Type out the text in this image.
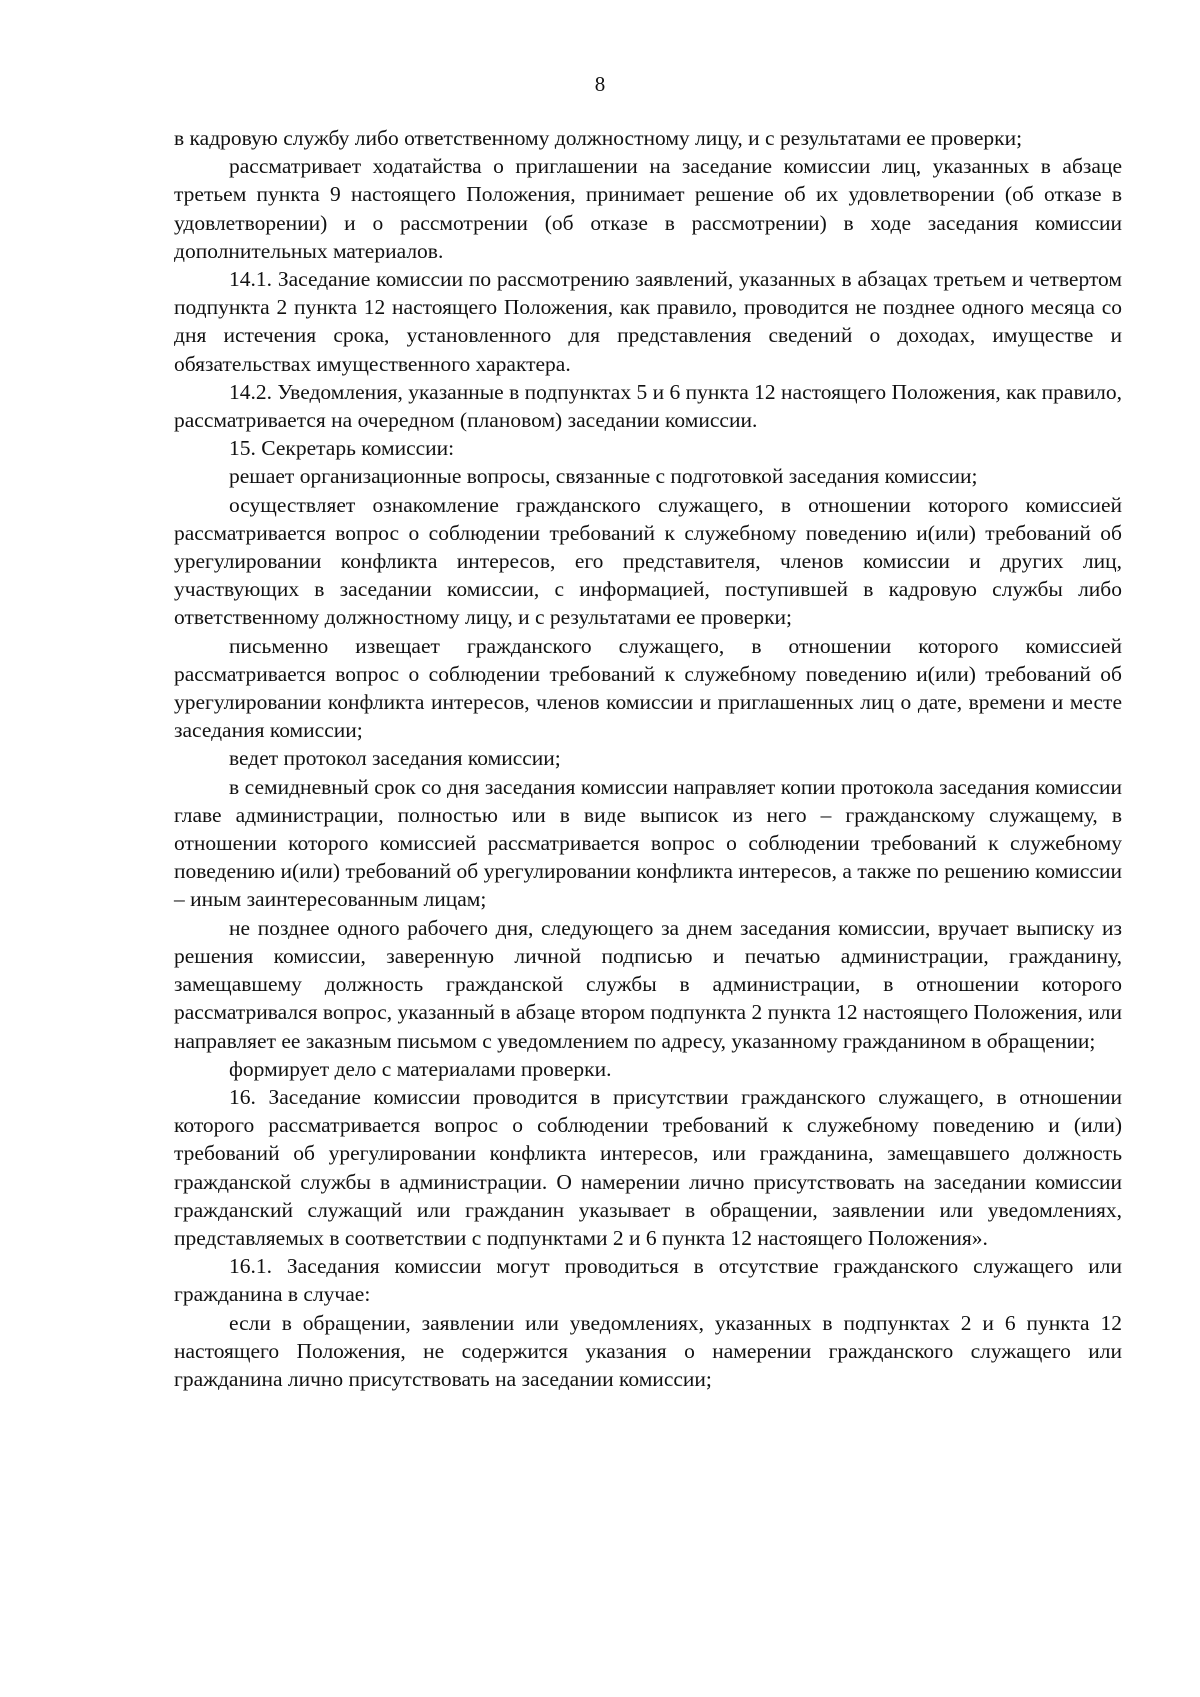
8

в кадровую службу либо ответственному должностному лицу, и с результатами ее проверки;

рассматривает ходатайства о приглашении на заседание комиссии лиц, указанных в абзаце третьем пункта 9 настоящего Положения, принимает решение об их удовлетворении (об отказе в удовлетворении) и о рассмотрении (об отказе в рассмотрении) в ходе заседания комиссии дополнительных материалов.

14.1. Заседание комиссии по рассмотрению заявлений, указанных в абзацах третьем и четвертом подпункта 2 пункта 12 настоящего Положения, как правило, проводится не позднее одного месяца со дня истечения срока, установленного для представления сведений о доходах, имуществе и обязательствах имущественного характера.

14.2. Уведомления, указанные в подпунктах 5 и 6 пункта 12 настоящего Положения, как правило, рассматривается на очередном (плановом) заседании комиссии.

15. Секретарь комиссии:

решает организационные вопросы, связанные с подготовкой заседания комиссии;

осуществляет ознакомление гражданского служащего, в отношении которого комиссией рассматривается вопрос о соблюдении требований к служебному поведению и(или) требований об урегулировании конфликта интересов, его представителя, членов комиссии и других лиц, участвующих в заседании комиссии, с информацией, поступившей в кадровую службы либо ответственному должностному лицу, и с результатами ее проверки;

письменно извещает гражданского служащего, в отношении которого комиссией рассматривается вопрос о соблюдении требований к служебному поведению и(или) требований об урегулировании конфликта интересов, членов комиссии и приглашенных лиц о дате, времени и месте заседания комиссии;

ведет протокол заседания комиссии;

в семидневный срок со дня заседания комиссии направляет копии протокола заседания комиссии главе администрации, полностью или в виде выписок из него – гражданскому служащему, в отношении которого комиссией рассматривается вопрос о соблюдении требований к служебному поведению и(или) требований об урегулировании конфликта интересов, а также по решению комиссии – иным заинтересованным лицам;

не позднее одного рабочего дня, следующего за днем заседания комиссии, вручает выписку из решения комиссии, заверенную личной подписью и печатью администрации, гражданину, замещавшему должность гражданской службы в администрации, в отношении которого рассматривался вопрос, указанный в абзаце втором подпункта 2 пункта 12 настоящего Положения, или направляет ее заказным письмом с уведомлением по адресу, указанному гражданином в обращении;

формирует дело с материалами проверки.

16. Заседание комиссии проводится в присутствии гражданского служащего, в отношении которого рассматривается вопрос о соблюдении требований к служебному поведению и (или) требований об урегулировании конфликта интересов, или гражданина, замещавшего должность гражданской службы в администрации. О намерении лично присутствовать на заседании комиссии гражданский служащий или гражданин указывает в обращении, заявлении или уведомлениях, представляемых в соответствии с подпунктами 2 и 6 пункта 12 настоящего Положения».

16.1. Заседания комиссии могут проводиться в отсутствие гражданского служащего или гражданина в случае:

если в обращении, заявлении или уведомлениях, указанных в подпунктах 2 и 6 пункта 12 настоящего Положения, не содержится указания о намерении гражданского служащего или гражданина лично присутствовать на заседании комиссии;
